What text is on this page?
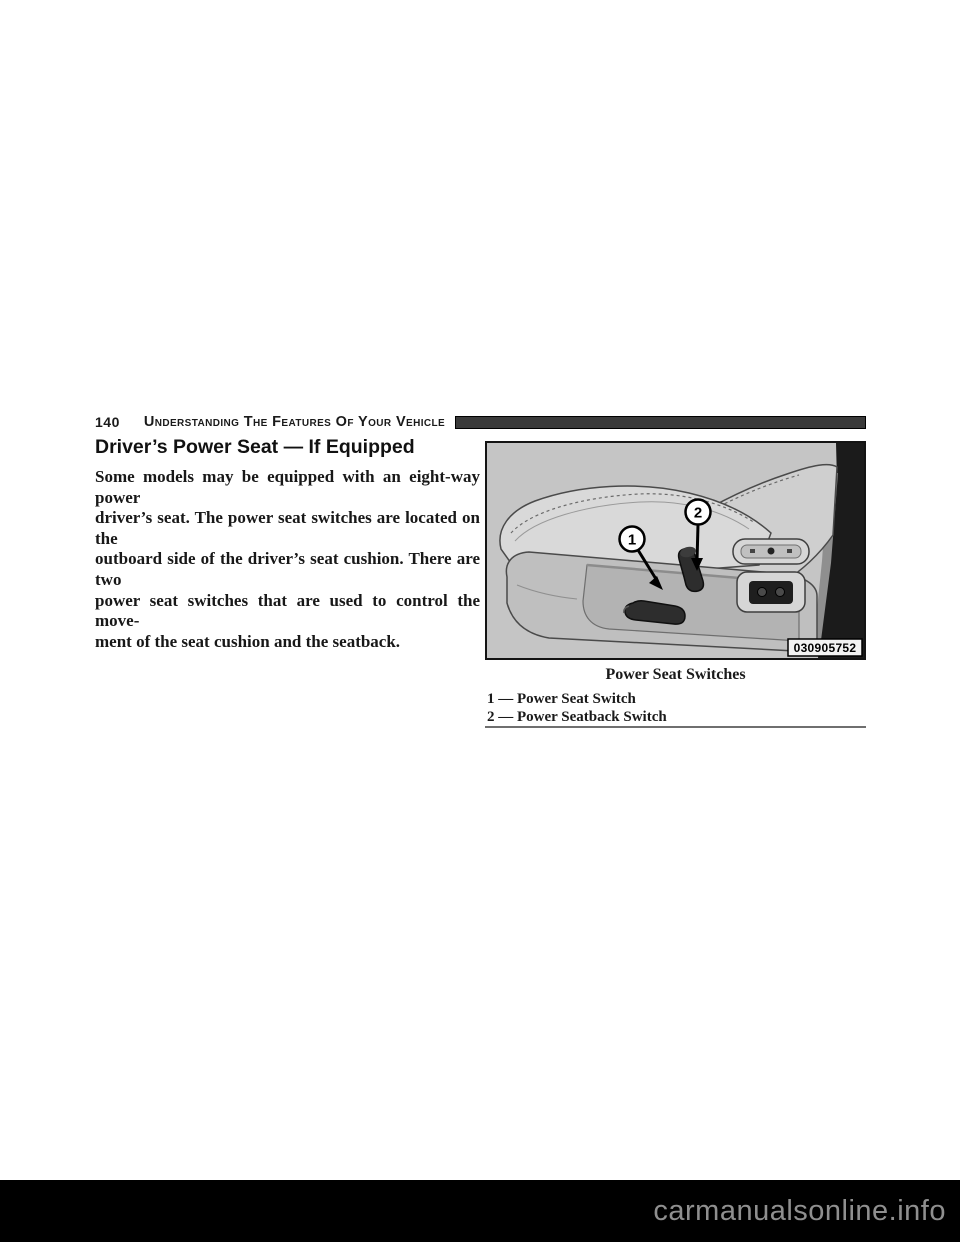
140 Understanding The Features Of Your Vehicle
Driver’s Power Seat — If Equipped
Some models may be equipped with an eight-way power
driver’s seat. The power seat switches are located on the
outboard side of the driver’s seat cushion. There are two
power seat switches that are used to control the move-
ment of the seat cushion and the seatback.
1
2
030905752
Power Seat Switches
1 — Power Seat Switch
2 — Power Seatback Switch
carmanualsonline.info
